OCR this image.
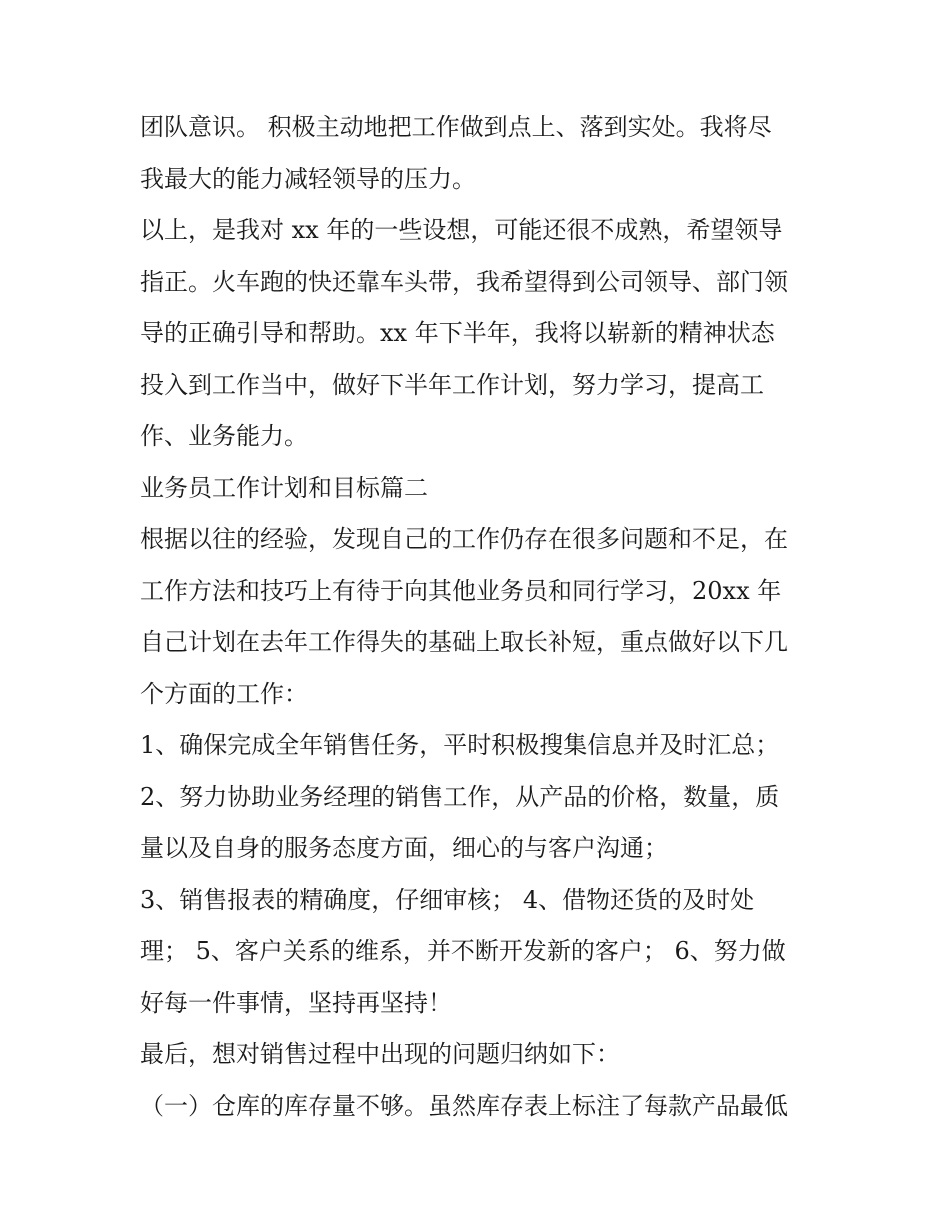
团队意识。 积极主动地把工作做到点上、落到实处。我将尽
我最大的能力减轻领导的压力。
以上，是我对 xx 年的一些设想，可能还很不成熟，希望领导
指正。火车跑的快还靠车头带，我希望得到公司领导、部门领
导的正确引导和帮助。xx 年下半年，我将以崭新的精神状态
投入到工作当中，做好下半年工作计划，努力学习，提高工
作、业务能力。
业务员工作计划和目标篇二
根据以往的经验，发现自己的工作仍存在很多问题和不足，在
工作方法和技巧上有待于向其他业务员和同行学习，20xx 年
自己计划在去年工作得失的基础上取长补短，重点做好以下几
个方面的工作：
1、确保完成全年销售任务，平时积极搜集信息并及时汇总；
2、努力协助业务经理的销售工作，从产品的价格，数量，质
量以及自身的服务态度方面，细心的与客户沟通；
3、销售报表的精确度，仔细审核； 4、借物还货的及时处
理； 5、客户关系的维系，并不断开发新的客户； 6、努力做
好每一件事情，坚持再坚持！
最后，想对销售过程中出现的问题归纳如下：
（一）仓库的库存量不够。虽然库存表上标注了每款产品最低
